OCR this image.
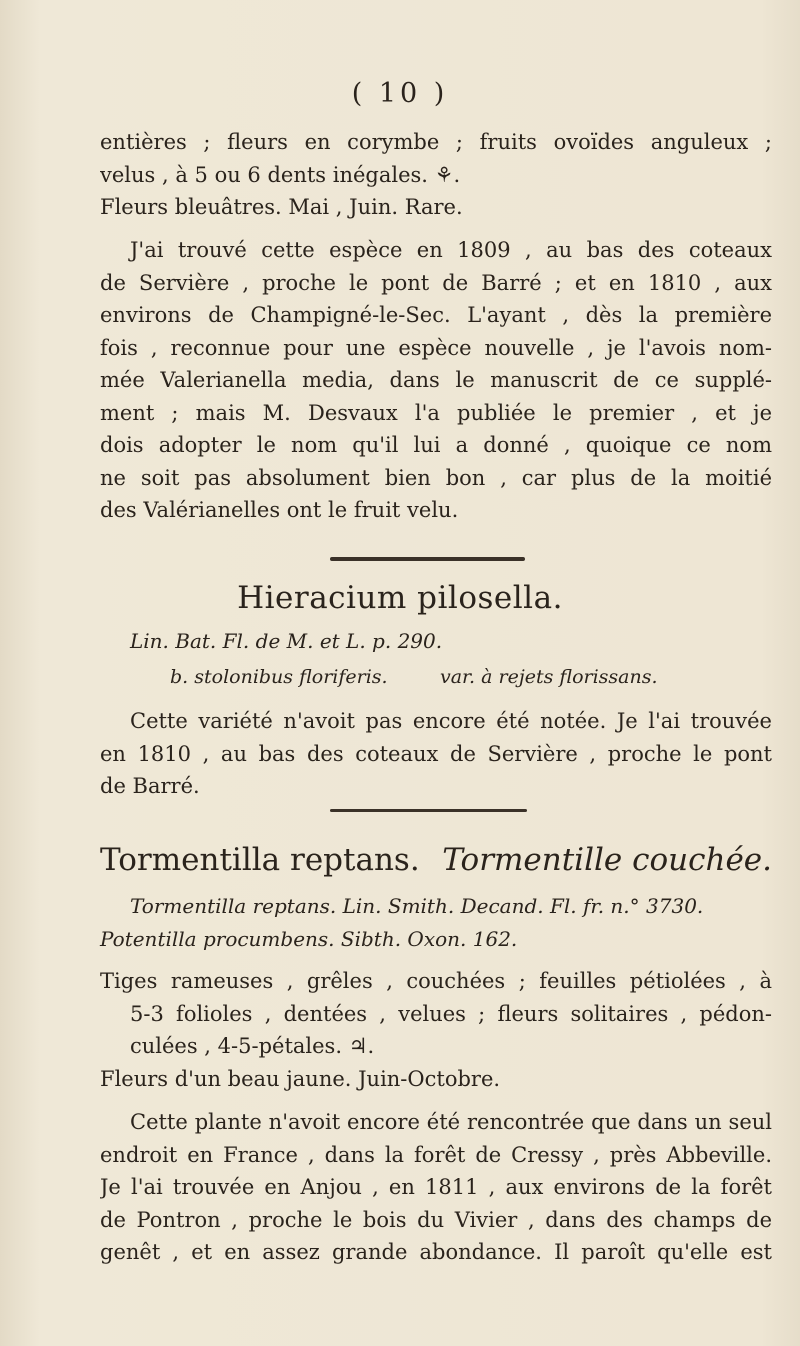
( 10 )
entières ; fleurs en corymbe ; fruits ovoïdes anguleux ;
velus , à 5 ou 6 dents inégales. ⚘.
Fleurs bleuâtres. Mai , Juin. Rare.
J'ai trouvé cette espèce en 1809 , au bas des coteaux
de Servière , proche le pont de Barré ; et en 1810 , aux
environs de Champigné-le-Sec. L'ayant , dès la première
fois , reconnue pour une espèce nouvelle , je l'avois nom-
mée Valerianella media, dans le manuscrit de ce supplé-
ment ; mais M. Desvaux l'a publiée le premier , et je
dois adopter le nom qu'il lui a donné , quoique ce nom
ne soit pas absolument bien bon , car plus de la moitié
des Valérianelles ont le fruit velu.
Hieracium pilosella.
Lin. Bat. Fl. de M. et L. p. 290.
b. stolonibus floriferis.	var. à rejets florissans.
Cette variété n'avoit pas encore été notée. Je l'ai trouvée
en 1810 , au bas des coteaux de Servière , proche le pont
de Barré.
Tormentilla reptans. Tormentille couchée.
Tormentilla reptans. Lin. Smith. Decand. Fl. fr. n.° 3730.
Potentilla procumbens. Sibth. Oxon. 162.
Tiges rameuses , grêles , couchées ; feuilles pétiolées , à
5-3 folioles , dentées , velues ; fleurs solitaires , pédon-
culées , 4-5-pétales. ♃.
Fleurs d'un beau jaune. Juin-Octobre.
Cette plante n'avoit encore été rencontrée que dans un seul
endroit en France , dans la forêt de Cressy , près Abbeville.
Je l'ai trouvée en Anjou , en 1811 , aux environs de la forêt
de Pontron , proche le bois du Vivier , dans des champs de
genêt , et en assez grande abondance. Il paroît qu'elle est
